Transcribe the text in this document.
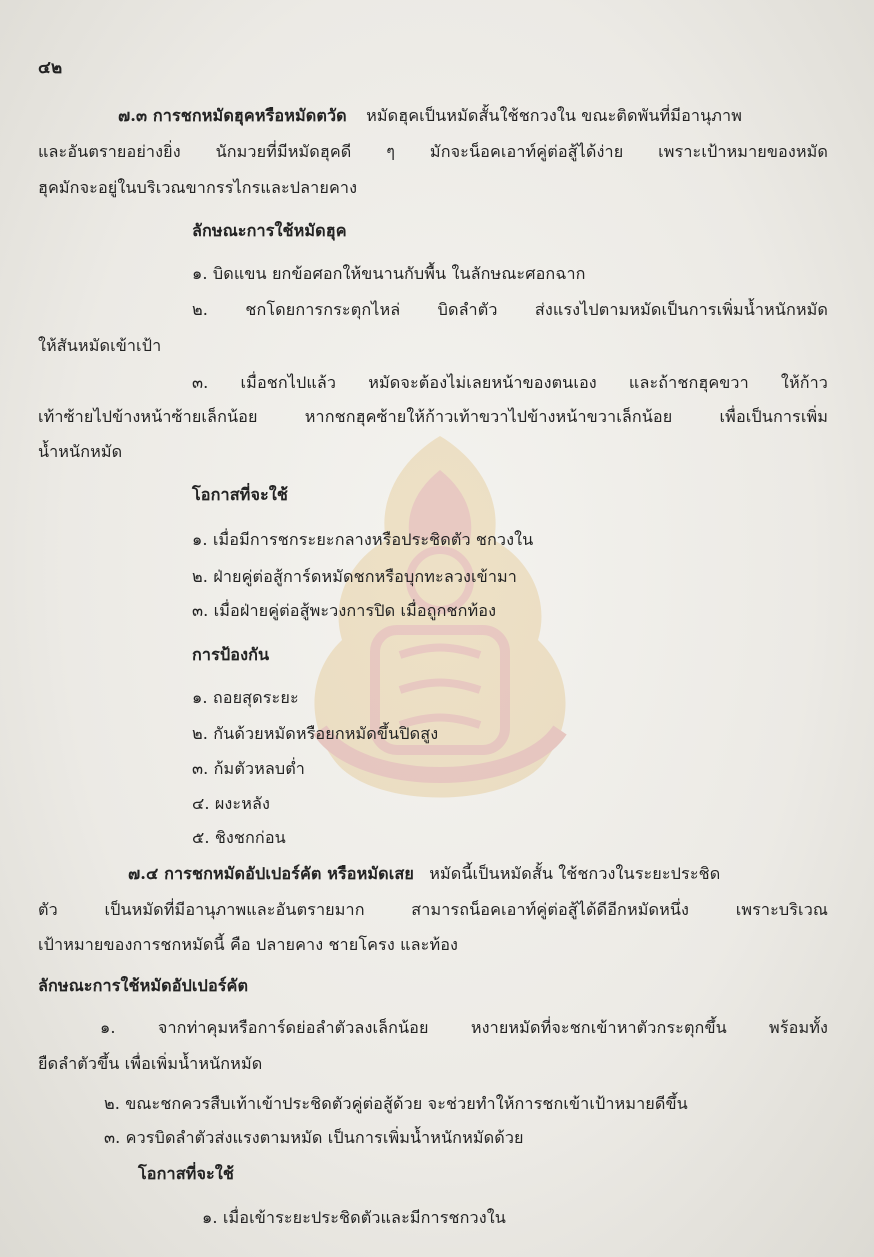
๔๒
๗.๓ การชกหมัดฮุคหรือหมัดตวัด หมัดฮุคเป็นหมัดสั้นใช้ชกวงใน ขณะติดพันที่มีอานุภาพ
และอันตรายอย่างยิ่ง นักมวยที่มีหมัดฮุคดี ๆ มักจะน็อคเอาท์คู่ต่อสู้ได้ง่าย เพราะเป้าหมายของหมัด
ฮุคมักจะอยู่ในบริเวณขากรรไกรและปลายคาง
ลักษณะการใช้หมัดฮุค
๑. บิดแขน ยกข้อศอกให้ขนานกับพื้น ในลักษณะศอกฉาก
๒. ชกโดยการกระตุกไหล่ บิดลำตัว ส่งแรงไปตามหมัดเป็นการเพิ่มน้ำหนักหมัด
ให้สันหมัดเข้าเป้า
๓. เมื่อชกไปแล้ว หมัดจะต้องไม่เลยหน้าของตนเอง และถ้าชกฮุคขวา ให้ก้าว
เท้าซ้ายไปข้างหน้าซ้ายเล็กน้อย หากชกฮุคซ้ายให้ก้าวเท้าขวาไปข้างหน้าขวาเล็กน้อย เพื่อเป็นการเพิ่ม
น้ำหนักหมัด
โอกาสที่จะใช้
๑. เมื่อมีการชกระยะกลางหรือประชิดตัว ชกวงใน
๒. ฝ่ายคู่ต่อสู้การ์ดหมัดชกหรือบุกทะลวงเข้ามา
๓. เมื่อฝ่ายคู่ต่อสู้พะวงการปิด เมื่อถูกชกท้อง
การป้องกัน
๑. ถอยสุดระยะ
๒. กันด้วยหมัดหรือยกหมัดขึ้นปิดสูง
๓. ก้มตัวหลบต่ำ
๔. ผงะหลัง
๕. ชิงชกก่อน
๗.๔ การชกหมัดอัปเปอร์คัต หรือหมัดเสย หมัดนี้เป็นหมัดสั้น ใช้ชกวงในระยะประชิด
ตัว เป็นหมัดที่มีอานุภาพและอันตรายมาก สามารถน็อคเอาท์คู่ต่อสู้ได้ดีอีกหมัดหนึ่ง เพราะบริเวณ
เป้าหมายของการชกหมัดนี้ คือ ปลายคาง ชายโครง และท้อง
ลักษณะการใช้หมัดอัปเปอร์คัต
๑. จากท่าคุมหรือการ์ดย่อลำตัวลงเล็กน้อย หงายหมัดที่จะชกเข้าหาตัวกระตุกขึ้น พร้อมทั้ง
ยืดลำตัวขึ้น เพื่อเพิ่มน้ำหนักหมัด
๒. ขณะชกควรสืบเท้าเข้าประชิดตัวคู่ต่อสู้ด้วย จะช่วยทำให้การชกเข้าเป้าหมายดีขึ้น
๓. ควรบิดลำตัวส่งแรงตามหมัด เป็นการเพิ่มน้ำหนักหมัดด้วย
โอกาสที่จะใช้
๑. เมื่อเข้าระยะประชิดตัวและมีการชกวงใน
